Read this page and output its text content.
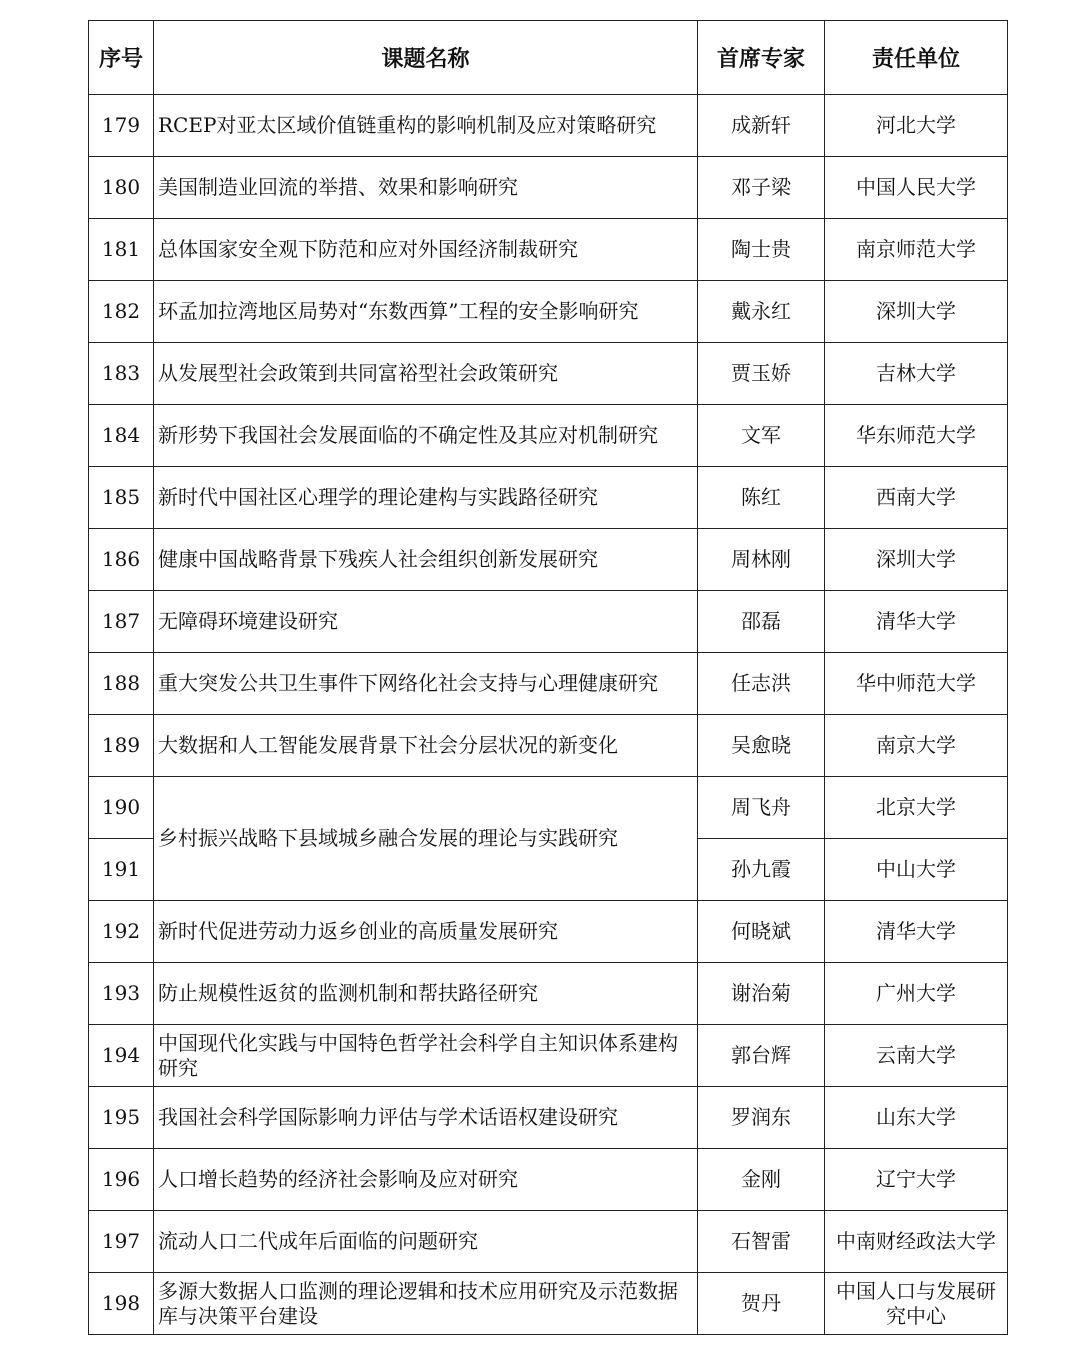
序号	课题名称	首席专家	责任单位
179	RCEP对亚太区域价值链重构的影响机制及应对策略研究	成新轩	河北大学
180	美国制造业回流的举措、效果和影响研究	邓子梁	中国人民大学
181	总体国家安全观下防范和应对外国经济制裁研究	陶士贵	南京师范大学
182	环孟加拉湾地区局势对“东数西算”工程的安全影响研究	戴永红	深圳大学
183	从发展型社会政策到共同富裕型社会政策研究	贾玉娇	吉林大学
184	新形势下我国社会发展面临的不确定性及其应对机制研究	文军	华东师范大学
185	新时代中国社区心理学的理论建构与实践路径研究	陈红	西南大学
186	健康中国战略背景下残疾人社会组织创新发展研究	周林刚	深圳大学
187	无障碍环境建设研究	邵磊	清华大学
188	重大突发公共卫生事件下网络化社会支持与心理健康研究	任志洪	华中师范大学
189	大数据和人工智能发展背景下社会分层状况的新变化	吴愈晓	南京大学
190	乡村振兴战略下县域城乡融合发展的理论与实践研究	周飞舟	北京大学
191		孙九霞	中山大学
192	新时代促进劳动力返乡创业的高质量发展研究	何晓斌	清华大学
193	防止规模性返贫的监测机制和帮扶路径研究	谢治菊	广州大学
194	中国现代化实践与中国特色哲学社会科学自主知识体系建构研究	郭台辉	云南大学
195	我国社会科学国际影响力评估与学术话语权建设研究	罗润东	山东大学
196	人口增长趋势的经济社会影响及应对研究	金刚	辽宁大学
197	流动人口二代成年后面临的问题研究	石智雷	中南财经政法大学
198	多源大数据人口监测的理论逻辑和技术应用研究及示范数据库与决策平台建设	贺丹	中国人口与发展研究中心
